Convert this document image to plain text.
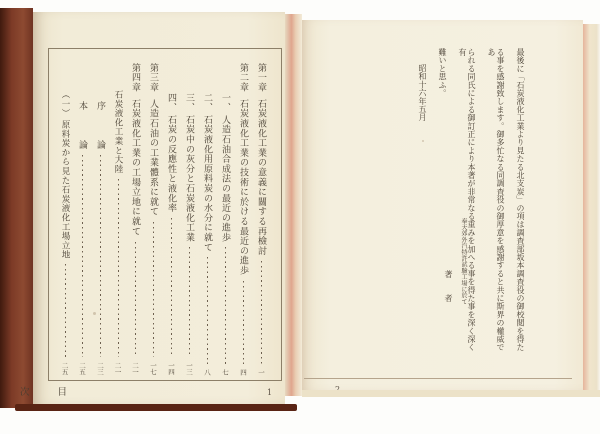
第一章
石炭液化工業の意義に關する再檢討
一
第二章
石炭液化工業の技術に於ける最近の進歩
四
一、
人造石油合成法の最近の進歩
七
二、
石炭液化用原料炭の水分に就て
八
三、
石炭中の灰分と石炭液化工業
一三
四、
石炭の反應性と液化率
一四
第三章
人造石油の工業體系に就て
一七
第四章
石炭液化工業の工場立地に就て
二一
石炭液化工業と大陸
二一
序　　　論
二三
本　　　論
二五
（一）
原料炭から見た石炭液化工場立地
二五
目次	1

最後に「石炭液化工業より見たる北支炭」の項は調査部坂本調査役の御校閲を得た

る事を感謝致します。御多忙なる同調査役の御厚意を感謝すると共に斯界の權威であ

られる同氏による御訂正により本著が非常なる重みを加へる事を得た事を深く深く有

難いと思ふ。

昭和十六年五月

奉天郊外汽特許試驗工場に於て
著　　者
